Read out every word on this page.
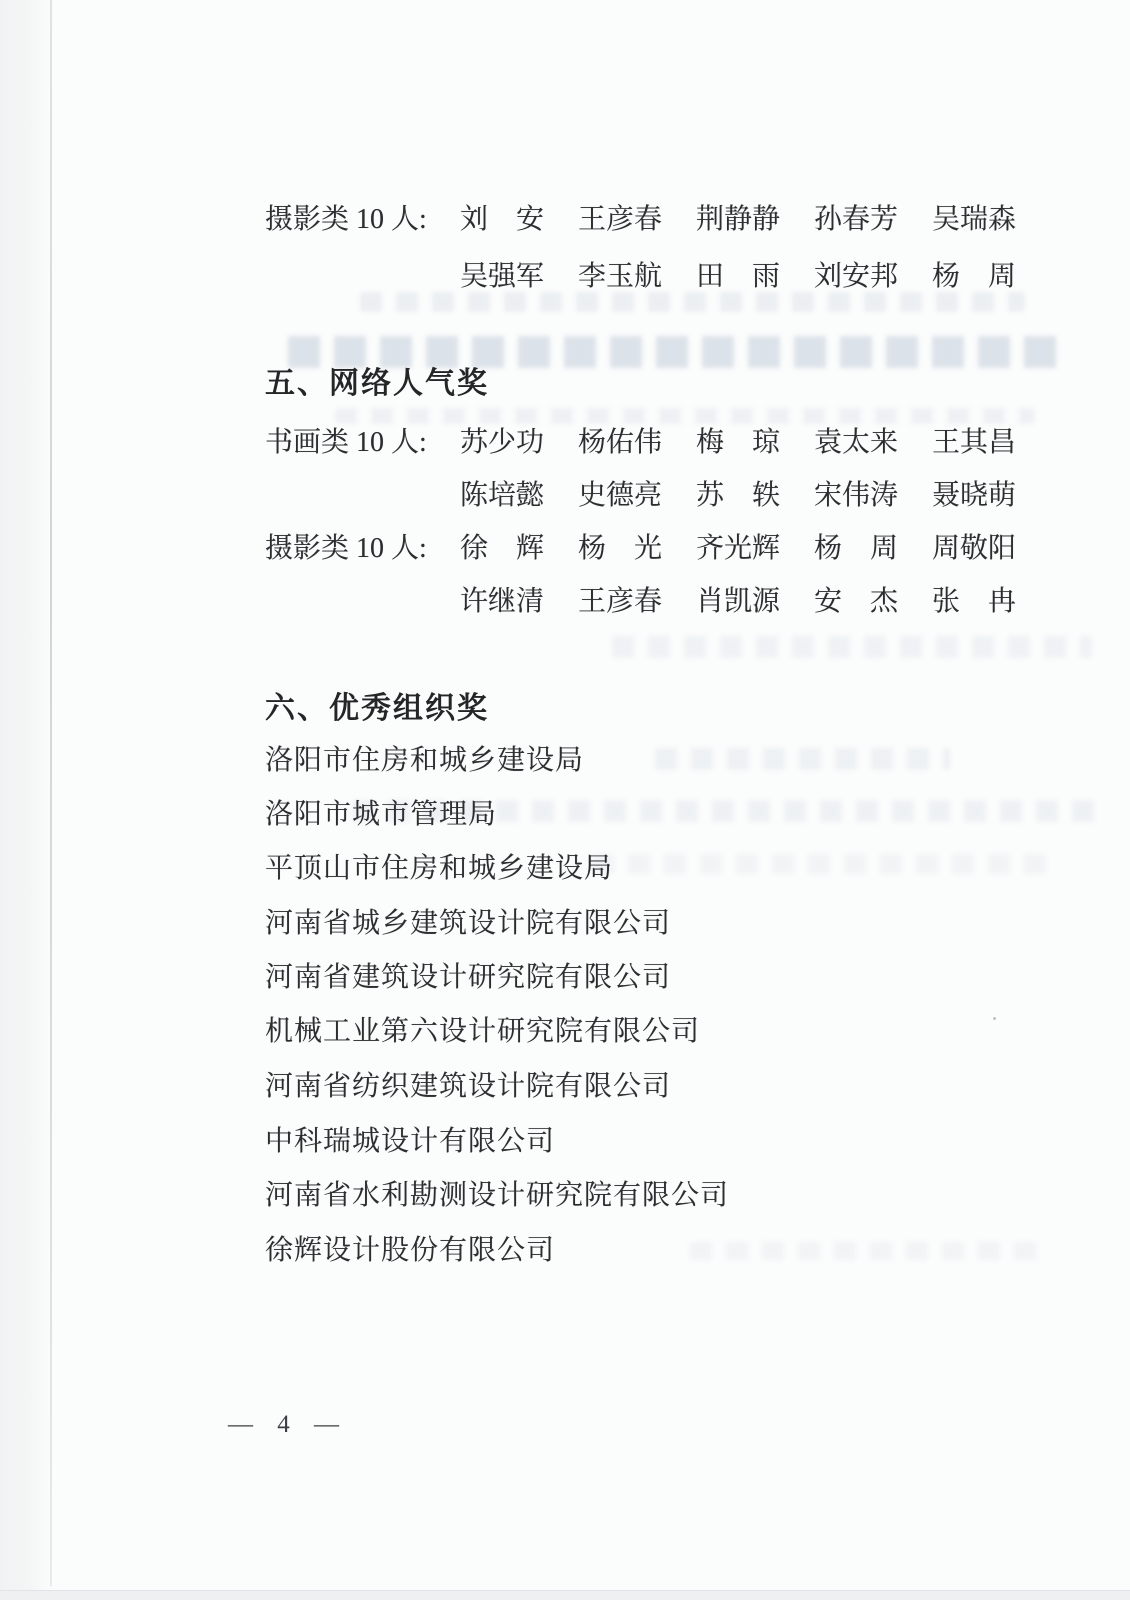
摄影类 10 人:	刘　安 王彦春 荆静静 孙春芳 吴瑞森
吴强军 李玉航 田　雨 刘安邦 杨　周
五、网络人气奖
书画类 10 人:	苏少功 杨佑伟 梅　琼 袁太来 王其昌
陈培懿 史德亮 苏　轶 宋伟涛 聂晓萌
摄影类 10 人:	徐　辉 杨　光 齐光辉 杨　周 周敬阳
许继清 王彦春 肖凯源 安　杰 张　冉
六、优秀组织奖
洛阳市住房和城乡建设局
洛阳市城市管理局
平顶山市住房和城乡建设局
河南省城乡建筑设计院有限公司
河南省建筑设计研究院有限公司
机械工业第六设计研究院有限公司
河南省纺织建筑设计院有限公司
中科瑞城设计有限公司
河南省水利勘测设计研究院有限公司
徐辉设计股份有限公司
— 4 —
